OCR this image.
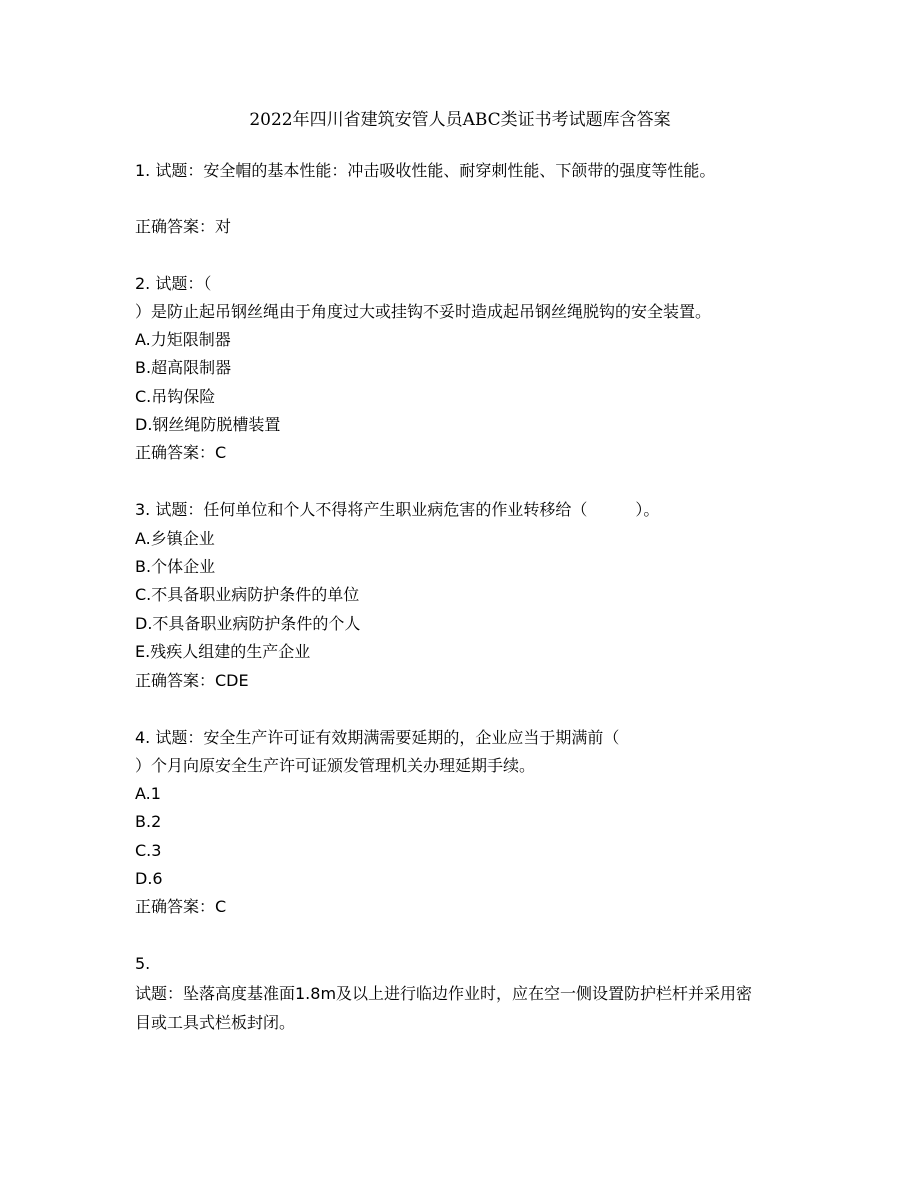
2022年四川省建筑安管人员ABC类证书考试题库含答案
1. 试题：安全帽的基本性能：冲击吸收性能、耐穿刺性能、下颌带的强度等性能。
正确答案：对
2. 试题：（
）是防止起吊钢丝绳由于角度过大或挂钩不妥时造成起吊钢丝绳脱钩的安全装置。
A.力矩限制器
B.超高限制器
C.吊钩保险
D.钢丝绳防脱槽装置
正确答案：C
3. 试题：任何单位和个人不得将产生职业病危害的作业转移给（　　　）。
A.乡镇企业
B.个体企业
C.不具备职业病防护条件的单位
D.不具备职业病防护条件的个人
E.残疾人组建的生产企业
正确答案：CDE
4. 试题：安全生产许可证有效期满需要延期的，企业应当于期满前（
）个月向原安全生产许可证颁发管理机关办理延期手续。
A.1
B.2
C.3
D.6
正确答案：C
5.
试题：坠落高度基准面1.8m及以上进行临边作业时，应在空一侧设置防护栏杆并采用密
目或工具式栏板封闭。
